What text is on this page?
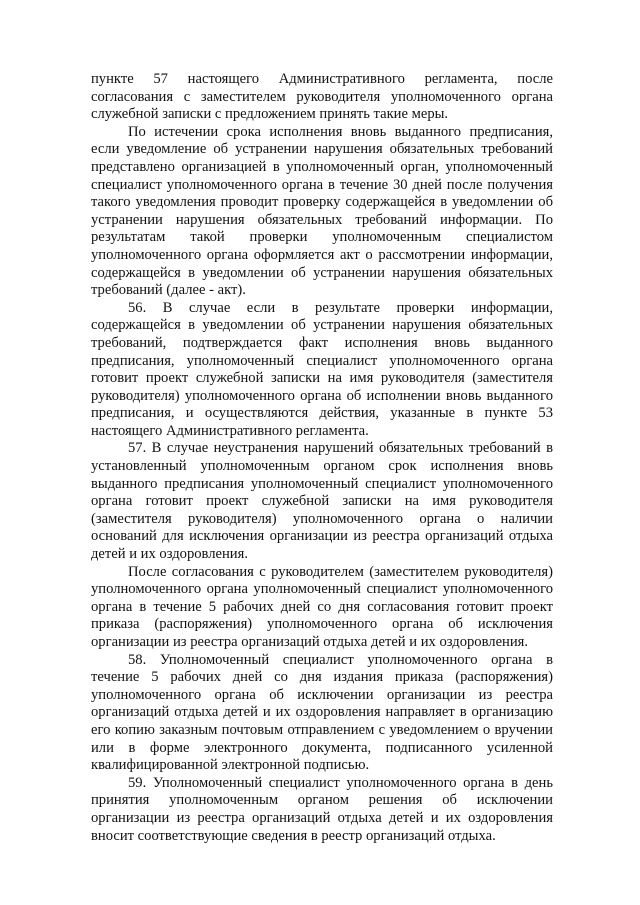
пункте 57 настоящего Административного регламента, после согласования с заместителем руководителя уполномоченного органа служебной записки с предложением принять такие меры.

По истечении срока исполнения вновь выданного предписания, если уведомление об устранении нарушения обязательных требований представлено организацией в уполномоченный орган, уполномоченный специалист уполномоченного органа в течение 30 дней после получения такого уведомления проводит проверку содержащейся в уведомлении об устранении нарушения обязательных требований информации. По результатам такой проверки уполномоченным специалистом уполномоченного органа оформляется акт о рассмотрении информации, содержащейся в уведомлении об устранении нарушения обязательных требований (далее - акт).

56. В случае если в результате проверки информации, содержащейся в уведомлении об устранении нарушения обязательных требований, подтверждается факт исполнения вновь выданного предписания, уполномоченный специалист уполномоченного органа готовит проект служебной записки на имя руководителя (заместителя руководителя) уполномоченного органа об исполнении вновь выданного предписания, и осуществляются действия, указанные в пункте 53 настоящего Административного регламента.

57. В случае неустранения нарушений обязательных требований в установленный уполномоченным органом срок исполнения вновь выданного предписания уполномоченный специалист уполномоченного органа готовит проект служебной записки на имя руководителя (заместителя руководителя) уполномоченного органа о наличии оснований для исключения организации из реестра организаций отдыха детей и их оздоровления.

После согласования с руководителем (заместителем руководителя) уполномоченного органа уполномоченный специалист уполномоченного органа в течение 5 рабочих дней со дня согласования готовит проект приказа (распоряжения) уполномоченного органа об исключения организации из реестра организаций отдыха детей и их оздоровления.

58. Уполномоченный специалист уполномоченного органа в течение 5 рабочих дней со дня издания приказа (распоряжения) уполномоченного органа об исключении организации из реестра организаций отдыха детей и их оздоровления направляет в организацию его копию заказным почтовым отправлением с уведомлением о вручении или в форме электронного документа, подписанного усиленной квалифицированной электронной подписью.

59. Уполномоченный специалист уполномоченного органа в день принятия уполномоченным органом решения об исключении организации из реестра организаций отдыха детей и их оздоровления вносит соответствующие сведения в реестр организаций отдыха.
